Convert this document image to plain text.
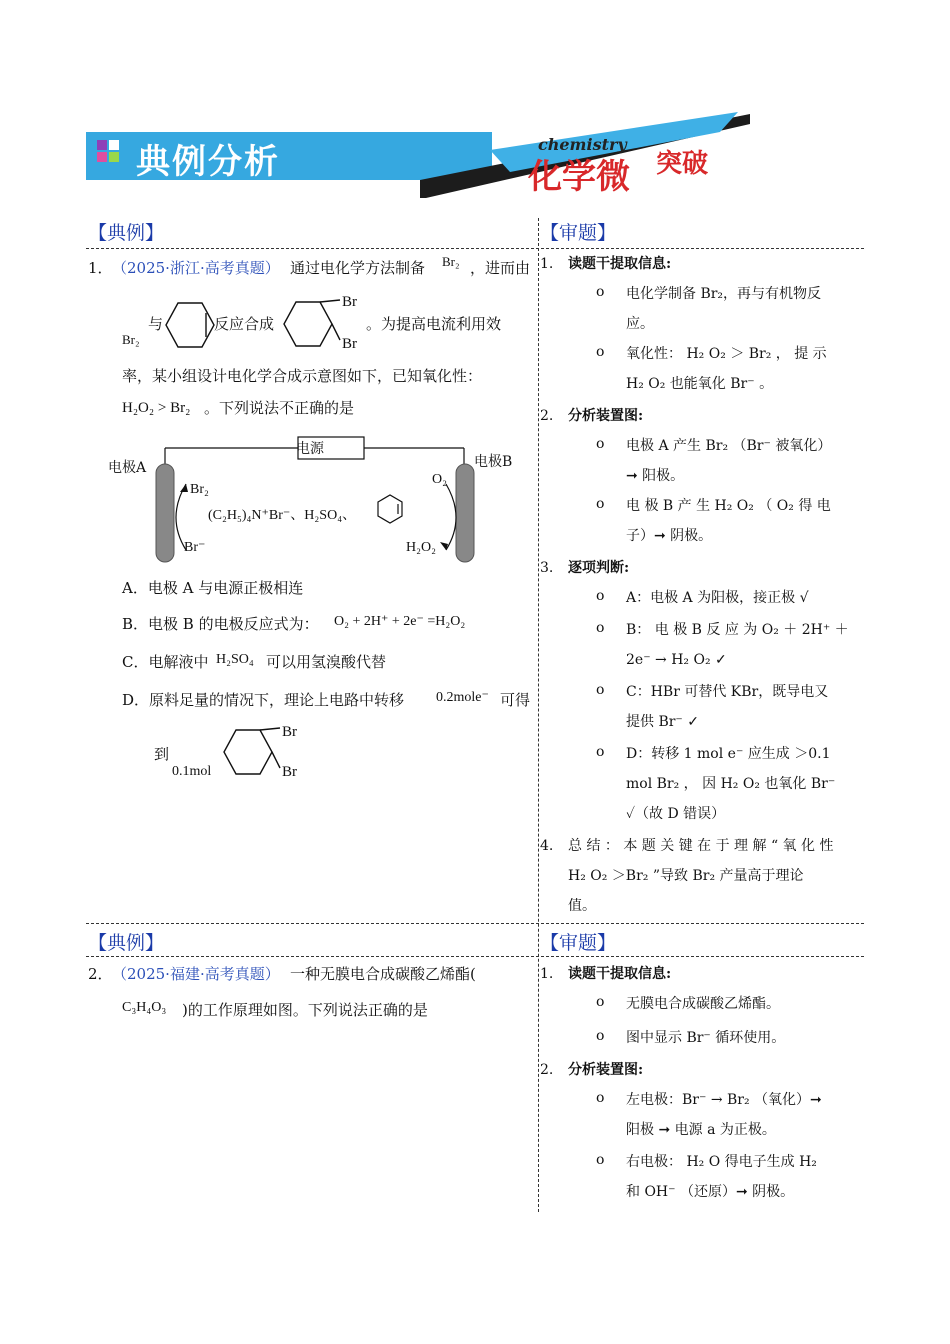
典例分析	chemistry
化学微 突破
【典例】	【审题】
1． （2025·浙江·高考真题） 通过电化学方法制备 Br₂ ，进而由
Br₂
与	反应合成
Br
Br
。为提高电流利用效
率，某小组设计电化学合成示意图如下，已知氧化性：
H₂O₂ > Br₂ 。下列说法不正确的是
电源
电极A	电极B
Br₂
Br⁻
O₂
H₂O₂
(C₂H₅)₄N⁺Br⁻、H₂SO₄、
A．电极 A 与电源正极相连
B．电极 B 的电极反应式为： O₂ + 2H⁺ + 2e⁻ =H₂O₂
C．电解液中 H₂SO₄ 可以用氢溴酸代替
D．原料足量的情况下，理论上电路中转移 0.2mole⁻ 可得
到
0.1mol
Br
Br
1. 读题干提取信息:
o 电化学制备 Br₂，再与有机物反
应。
o 氧化性： H₂ O₂ ＞ Br₂ ， 提 示
H₂ O₂ 也能氧化 Br⁻ 。
2. 分析装置图:
o 电极 A 产生 Br₂ （Br⁻ 被氧化）
➞ 阳极。
o 电 极 B 产 生 H₂ O₂ （ O₂ 得 电
子）➞ 阴极。
3. 逐项判断:
o A：电极 A 为阳极，接正极 √
o B： 电 极 B 反 应 为 O₂ ＋ 2H⁺ ＋
2e⁻ → H₂ O₂ ✓
o C：HBr 可替代 KBr，既导电又
提供 Br⁻ ✓
o D：转移 1 mol e⁻ 应生成 ＞0.1
mol Br₂ ， 因 H₂ O₂ 也氧化 Br⁻
✓（故 D 错误）
4. 总 结 ： 本 题 关 键 在 于 理 解 “ 氧 化 性
H₂ O₂ ＞Br₂ ”导致 Br₂ 产量高于理论
值。
【典例】	【审题】
2． （2025·福建·高考真题） 一种无膜电合成碳酸乙烯酯(
C₃H₄O₃ )的工作原理如图。下列说法正确的是
1. 读题干提取信息:
o 无膜电合成碳酸乙烯酯。
o 图中显示 Br⁻ 循环使用。
2. 分析装置图:
o 左电极：Br⁻ → Br₂ （氧化）➞
阳极 ➞ 电源 a 为正极。
o 右电极： H₂ O 得电子生成 H₂
和 OH⁻ （还原）➞ 阴极。
